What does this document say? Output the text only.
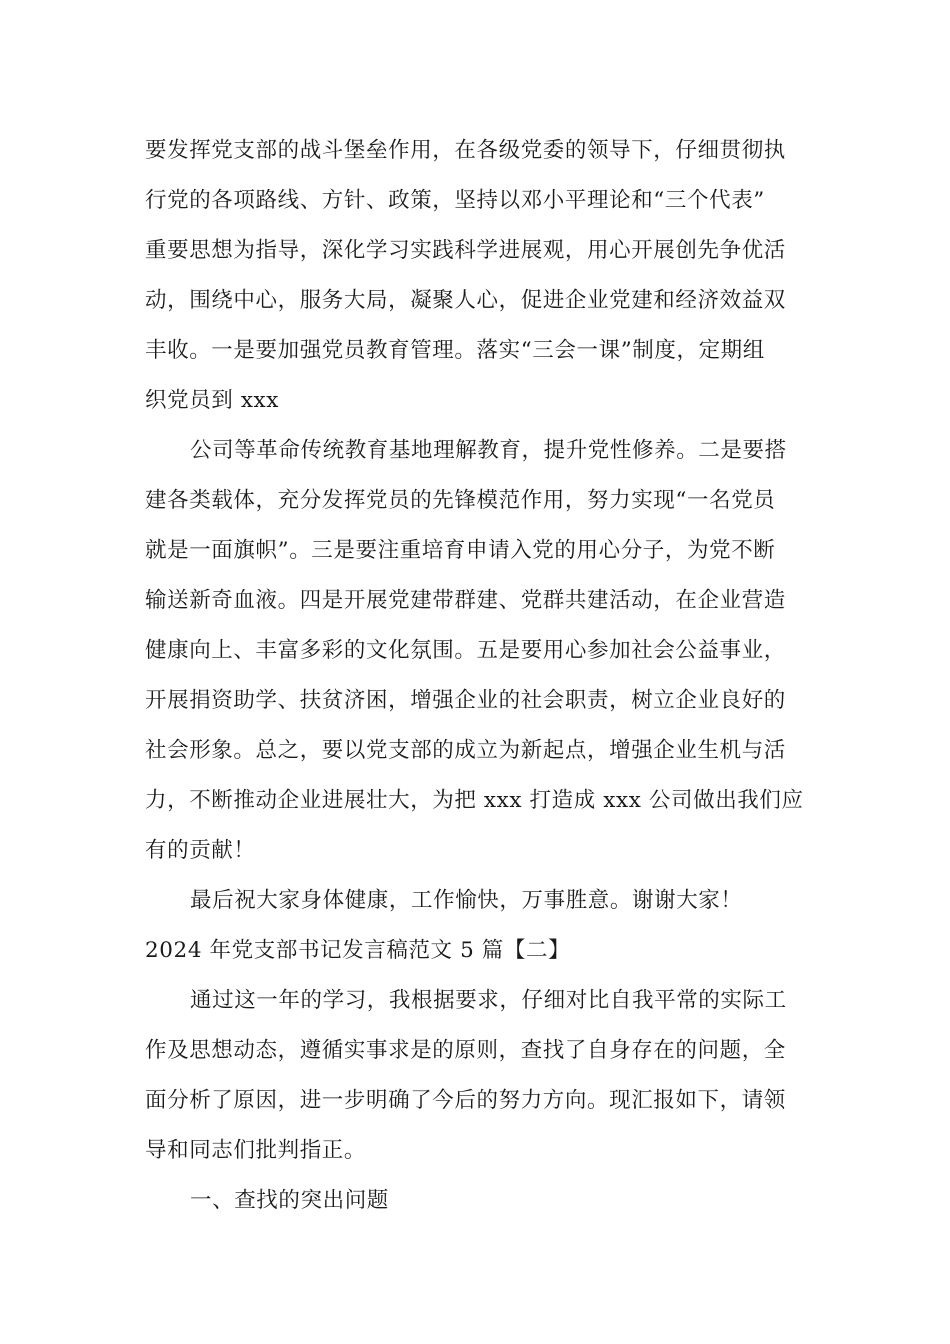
要发挥党支部的战斗堡垒作用，在各级党委的领导下，仔细贯彻执
行党的各项路线、方针、政策，坚持以邓小平理论和“三个代表”
重要思想为指导，深化学习实践科学进展观，用心开展创先争优活
动，围绕中心，服务大局，凝聚人心，促进企业党建和经济效益双
丰收。一是要加强党员教育管理。落实“三会一课”制度，定期组
织党员到 xxx
公司等革命传统教育基地理解教育，提升党性修养。二是要搭
建各类载体，充分发挥党员的先锋模范作用，努力实现“一名党员
就是一面旗帜”。三是要注重培育申请入党的用心分子，为党不断
输送新奇血液。四是开展党建带群建、党群共建活动，在企业营造
健康向上、丰富多彩的文化氛围。五是要用心参加社会公益事业，
开展捐资助学、扶贫济困，增强企业的社会职责，树立企业良好的
社会形象。总之，要以党支部的成立为新起点，增强企业生机与活
力，不断推动企业进展壮大，为把 xxx 打造成 xxx 公司做出我们应
有的贡献！
最后祝大家身体健康，工作愉快，万事胜意。谢谢大家！
2024 年党支部书记发言稿范文 5 篇【二】
通过这一年的学习，我根据要求，仔细对比自我平常的实际工
作及思想动态，遵循实事求是的原则，查找了自身存在的问题，全
面分析了原因，进一步明确了今后的努力方向。现汇报如下，请领
导和同志们批判指正。
一、查找的突出问题
